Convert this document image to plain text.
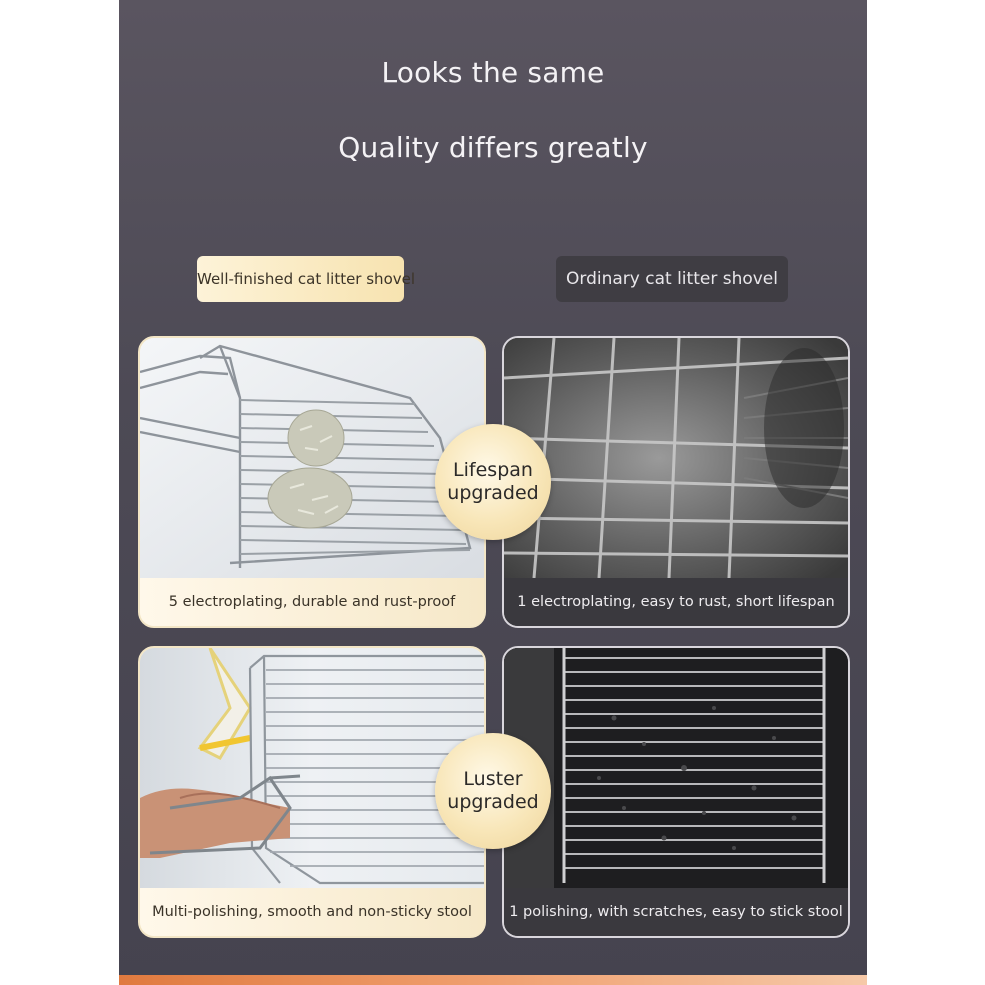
Looks the same
Quality differs greatly
Well-finished cat litter shovel	Ordinary cat litter shovel
5 electroplating, durable and rust-proof	1 electroplating, easy to rust, short lifespan
Multi-polishing, smooth and non-sticky stool	1 polishing, with scratches, easy to stick stool
Lifespan
upgraded
Luster
upgraded
